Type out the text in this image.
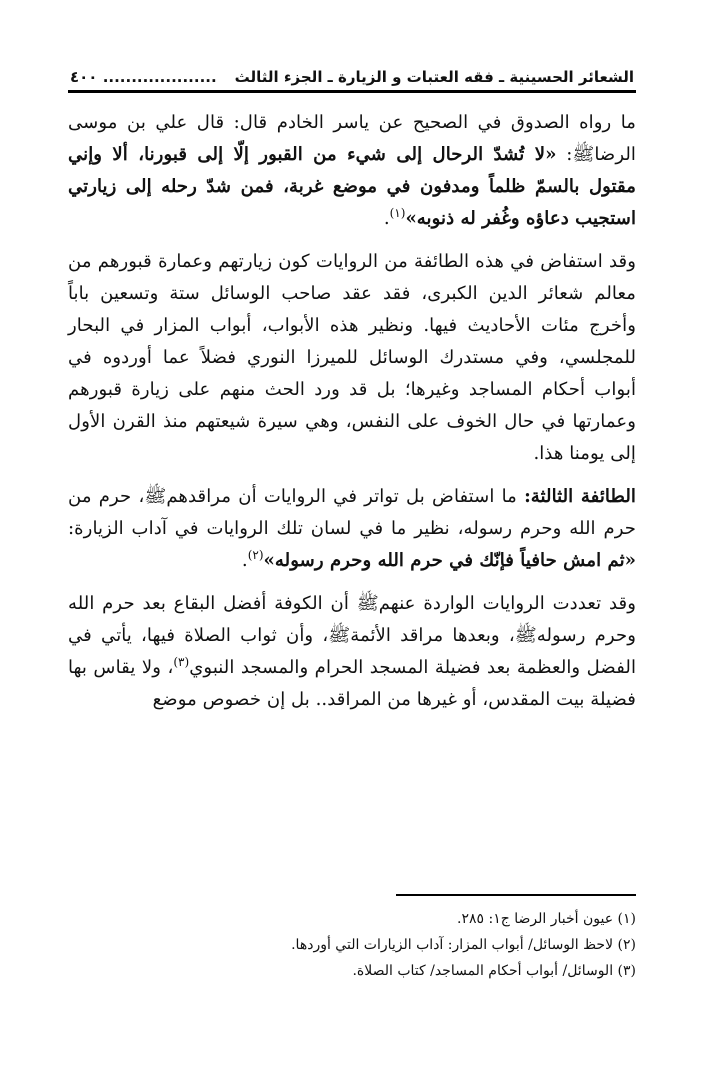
الشعائر الحسينية ـ فقه العتبات و الزيارة ـ الجزء الثالث
.................... ٤٠٠

ما رواه الصدوق في الصحيح عن ياسر الخادم قال: قال علي بن موسى الرضاﷺ: «لا تُشدّ الرحال إلى شيء من القبور إلّا إلى قبورنا، ألا وإني مقتول بالسمّ ظلماً ومدفون في موضع غربة، فمن شدّ رحله إلى زيارتي استجيب دعاؤه وغُفر له ذنوبه»$^{(١)}$.

وقد استفاض في هذه الطائفة من الروايات كون زيارتهم وعمارة قبورهم من معالم شعائر الدين الكبرى، فقد عقد صاحب الوسائل ستة وتسعين باباً وأخرج مئات الأحاديث فيها. ونظير هذه الأبواب، أبواب المزار في البحار للمجلسي، وفي مستدرك الوسائل للميرزا النوري فضلاً عما أوردوه في أبواب أحكام المساجد وغيرها؛ بل قد ورد الحث منهم على زيارة قبورهم وعمارتها في حال الخوف على النفس، وهي سيرة شيعتهم منذ القرن الأول إلى يومنا هذا.

الطائفة الثالثة: ما استفاض بل تواتر في الروايات أن مراقدهمﷺ، حرم من حرم الله وحرم رسوله، نظير ما في لسان تلك الروايات في آداب الزيارة: «ثم امش حافياً فإنّك في حرم الله وحرم رسوله»$^{(٢)}$.

وقد تعددت الروايات الواردة عنهمﷺ أن الكوفة أفضل البقاع بعد حرم الله وحرم رسولهﷺ، وبعدها مراقد الأئمةﷺ، وأن ثواب الصلاة فيها، يأتي في الفضل والعظمة بعد فضيلة المسجد الحرام والمسجد النبوي$^{(٣)}$، ولا يقاس بها فضيلة بيت المقدس، أو غيرها من المراقد.. بل إن خصوص موضع

(١) عيون أخبار الرضا ج١: ٢٨٥.
(٢) لاحظ الوسائل/ أبواب المزار: آداب الزيارات التي أوردها.
(٣) الوسائل/ أبواب أحكام المساجد/ كتاب الصلاة.
